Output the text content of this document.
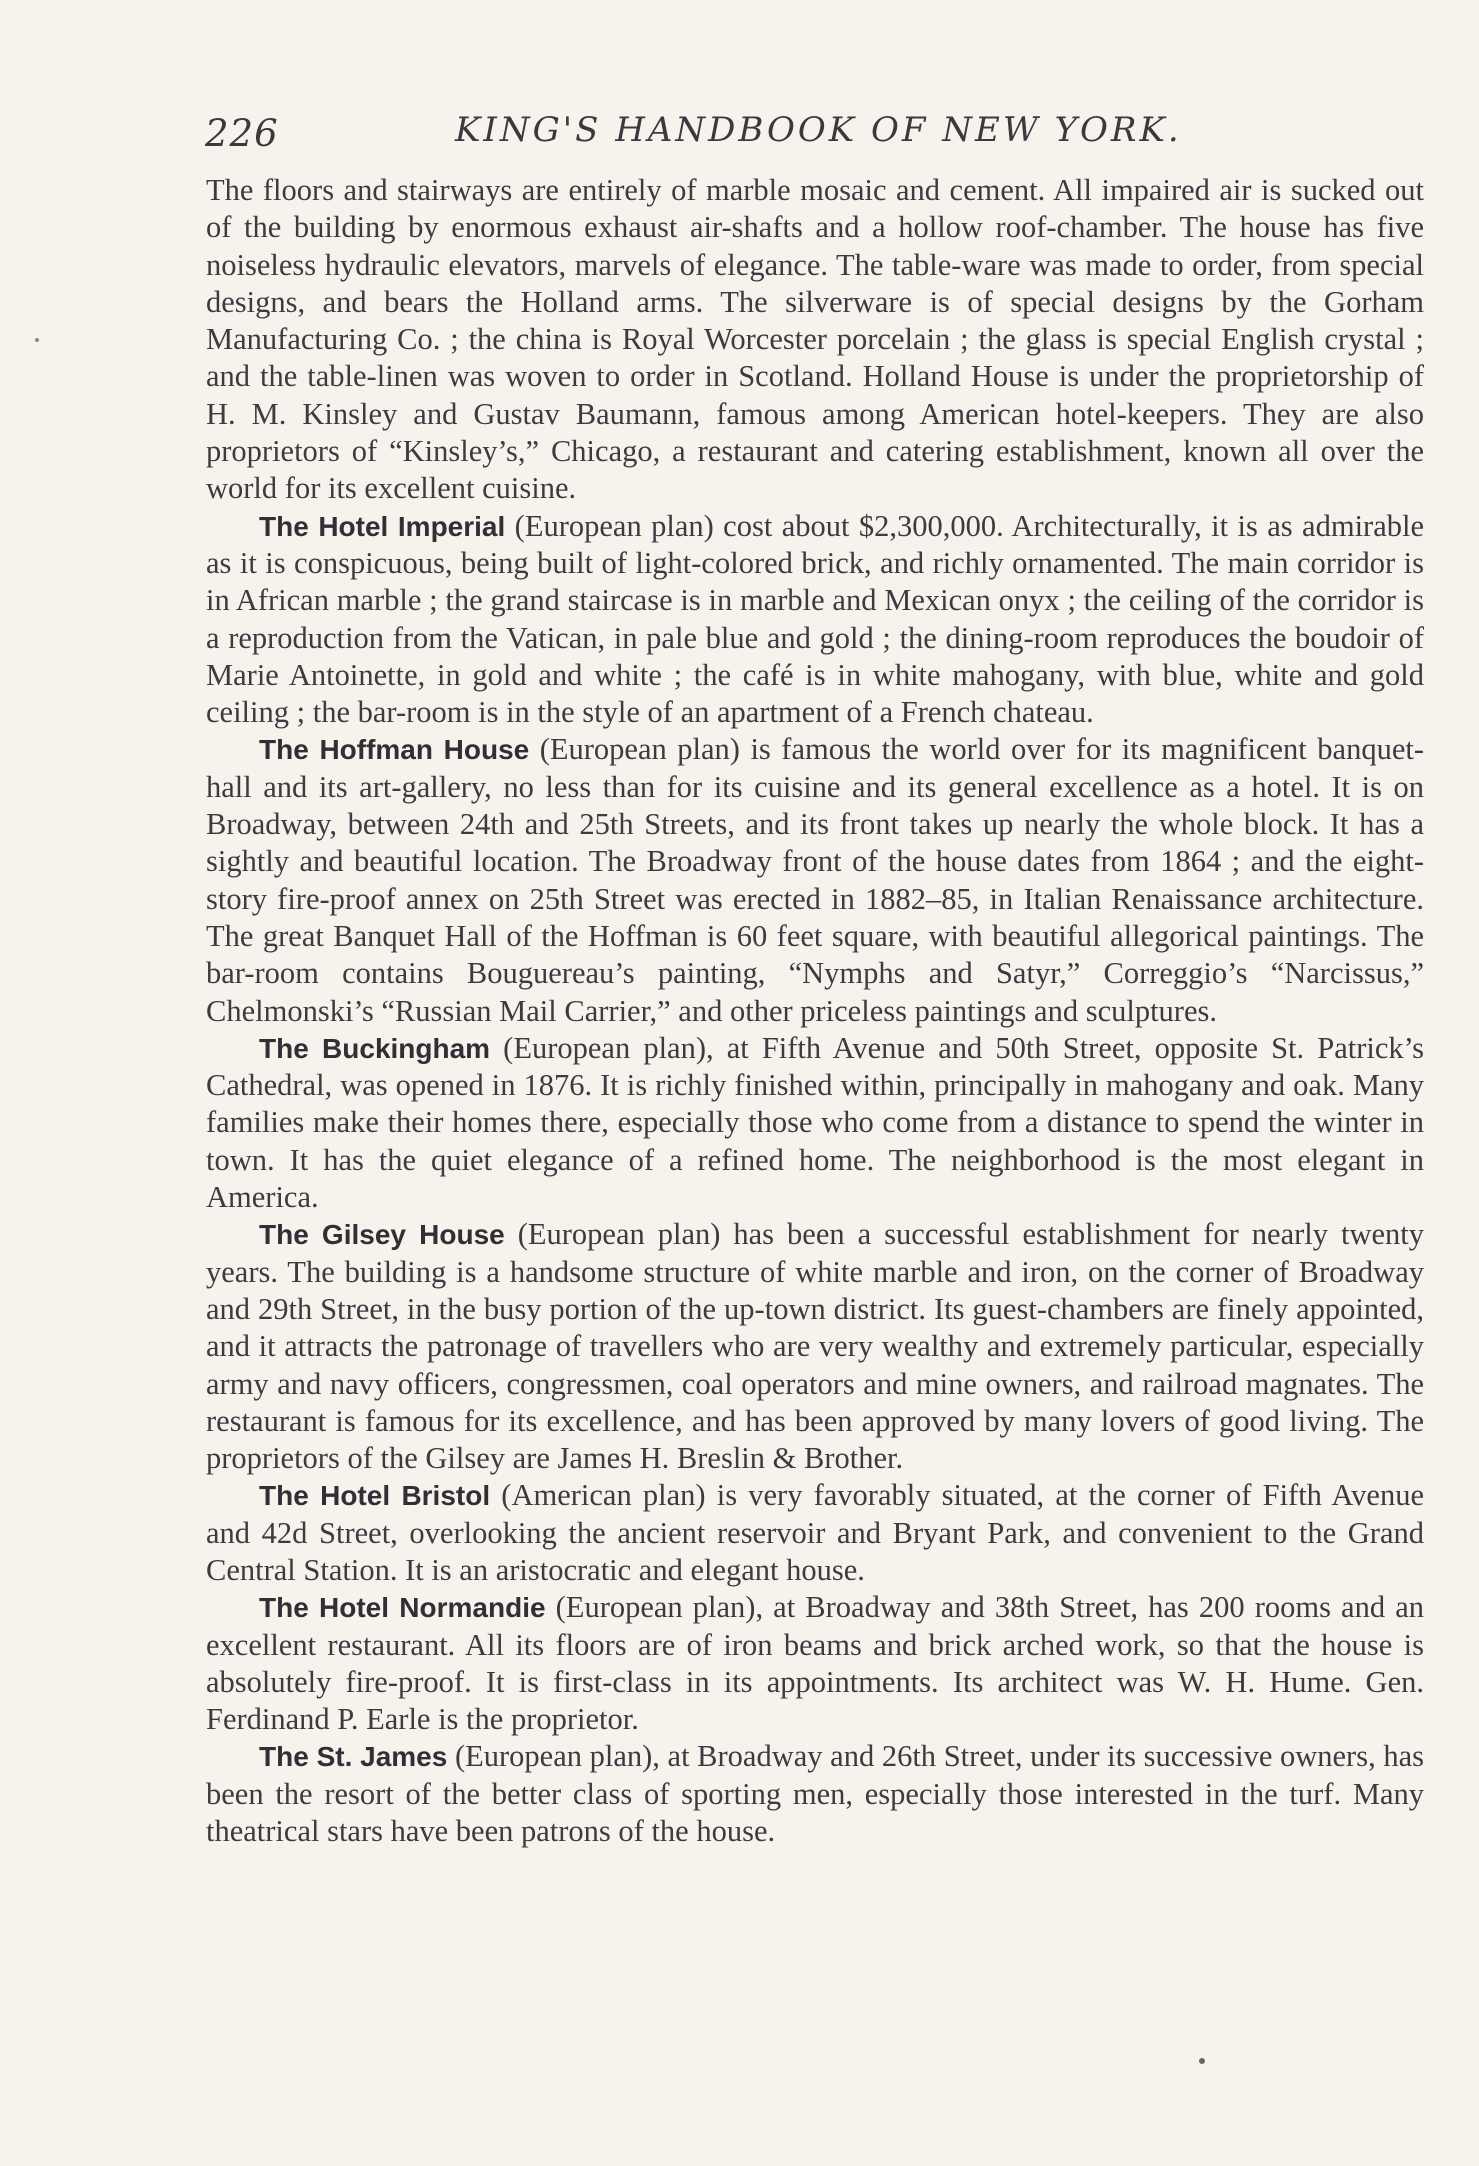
226	KING'S HANDBOOK OF NEW YORK.

The floors and stairways are entirely of marble mosaic and cement. All impaired air is sucked out of the building by enormous exhaust air-shafts and a hollow roof-chamber. The house has five noiseless hydraulic elevators, marvels of elegance. The table-ware was made to order, from special designs, and bears the Holland arms. The silverware is of special designs by the Gorham Manufacturing Co. ; the china is Royal Worcester porcelain ; the glass is special English crystal ; and the table-linen was woven to order in Scotland. Holland House is under the proprietorship of H. M. Kinsley and Gustav Baumann, famous among American hotel-keepers. They are also proprietors of “Kinsley’s,” Chicago, a restaurant and catering establishment, known all over the world for its excellent cuisine.

The Hotel Imperial (European plan) cost about $2,300,000. Architecturally, it is as admirable as it is conspicuous, being built of light-colored brick, and richly ornamented. The main corridor is in African marble ; the grand staircase is in marble and Mexican onyx ; the ceiling of the corridor is a reproduction from the Vatican, in pale blue and gold ; the dining-room reproduces the boudoir of Marie Antoinette, in gold and white ; the café is in white mahogany, with blue, white and gold ceiling ; the bar-room is in the style of an apartment of a French chateau.

The Hoffman House (European plan) is famous the world over for its magnificent banquet-hall and its art-gallery, no less than for its cuisine and its general excellence as a hotel. It is on Broadway, between 24th and 25th Streets, and its front takes up nearly the whole block. It has a sightly and beautiful location. The Broadway front of the house dates from 1864 ; and the eight-story fire-proof annex on 25th Street was erected in 1882–85, in Italian Renaissance architecture. The great Banquet Hall of the Hoffman is 60 feet square, with beautiful allegorical paintings. The bar-room contains Bouguereau’s painting, “Nymphs and Satyr,” Correggio’s “Narcissus,” Chelmonski’s “Russian Mail Carrier,” and other priceless paintings and sculptures.

The Buckingham (European plan), at Fifth Avenue and 50th Street, opposite St. Patrick’s Cathedral, was opened in 1876. It is richly finished within, principally in mahogany and oak. Many families make their homes there, especially those who come from a distance to spend the winter in town. It has the quiet elegance of a refined home. The neighborhood is the most elegant in America.

The Gilsey House (European plan) has been a successful establishment for nearly twenty years. The building is a handsome structure of white marble and iron, on the corner of Broadway and 29th Street, in the busy portion of the up-town district. Its guest-chambers are finely appointed, and it attracts the patronage of travellers who are very wealthy and extremely particular, especially army and navy officers, congressmen, coal operators and mine owners, and railroad magnates. The restaurant is famous for its excellence, and has been approved by many lovers of good living. The proprietors of the Gilsey are James H. Breslin & Brother.

The Hotel Bristol (American plan) is very favorably situated, at the corner of Fifth Avenue and 42d Street, overlooking the ancient reservoir and Bryant Park, and convenient to the Grand Central Station. It is an aristocratic and elegant house.

The Hotel Normandie (European plan), at Broadway and 38th Street, has 200 rooms and an excellent restaurant. All its floors are of iron beams and brick arched work, so that the house is absolutely fire-proof. It is first-class in its appointments. Its architect was W. H. Hume. Gen. Ferdinand P. Earle is the proprietor.

The St. James (European plan), at Broadway and 26th Street, under its successive owners, has been the resort of the better class of sporting men, especially those interested in the turf. Many theatrical stars have been patrons of the house.
